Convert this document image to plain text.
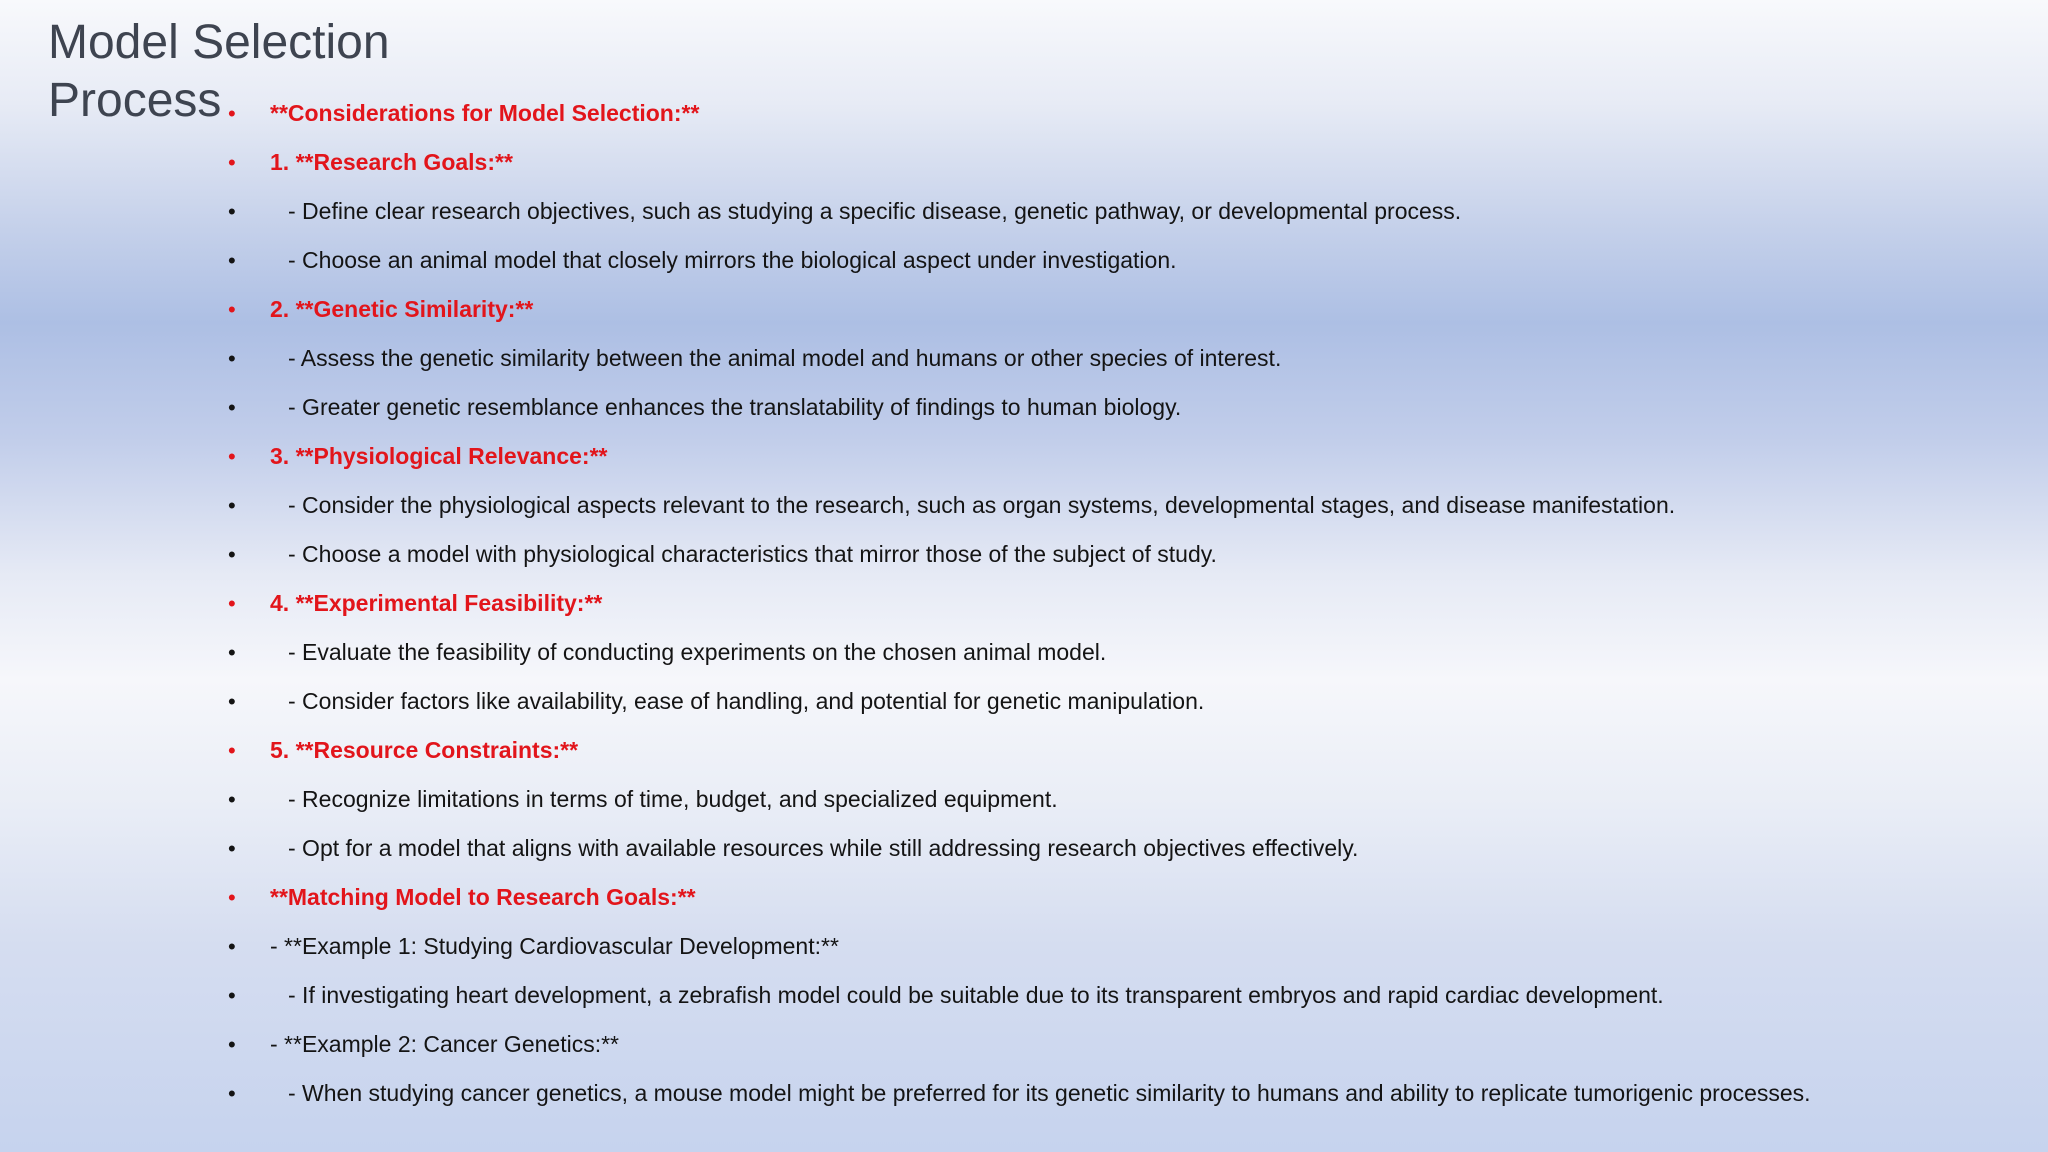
Model Selection
Process •	**Considerations for Model Selection:**
•	1. **Research Goals:**
•	- Define clear research objectives, such as studying a specific disease, genetic pathway, or developmental process.
•	- Choose an animal model that closely mirrors the biological aspect under investigation.
•	2. **Genetic Similarity:**
•	- Assess the genetic similarity between the animal model and humans or other species of interest.
•	- Greater genetic resemblance enhances the translatability of findings to human biology.
•	3. **Physiological Relevance:**
•	- Consider the physiological aspects relevant to the research, such as organ systems, developmental stages, and disease manifestation.
•	- Choose a model with physiological characteristics that mirror those of the subject of study.
•	4. **Experimental Feasibility:**
•	- Evaluate the feasibility of conducting experiments on the chosen animal model.
•	- Consider factors like availability, ease of handling, and potential for genetic manipulation.
•	5. **Resource Constraints:**
•	- Recognize limitations in terms of time, budget, and specialized equipment.
•	- Opt for a model that aligns with available resources while still addressing research objectives effectively.
•	**Matching Model to Research Goals:**
•	- **Example 1: Studying Cardiovascular Development:**
•	- If investigating heart development, a zebrafish model could be suitable due to its transparent embryos and rapid cardiac development.
•	- **Example 2: Cancer Genetics:**
•	- When studying cancer genetics, a mouse model might be preferred for its genetic similarity to humans and ability to replicate tumorigenic processes.
